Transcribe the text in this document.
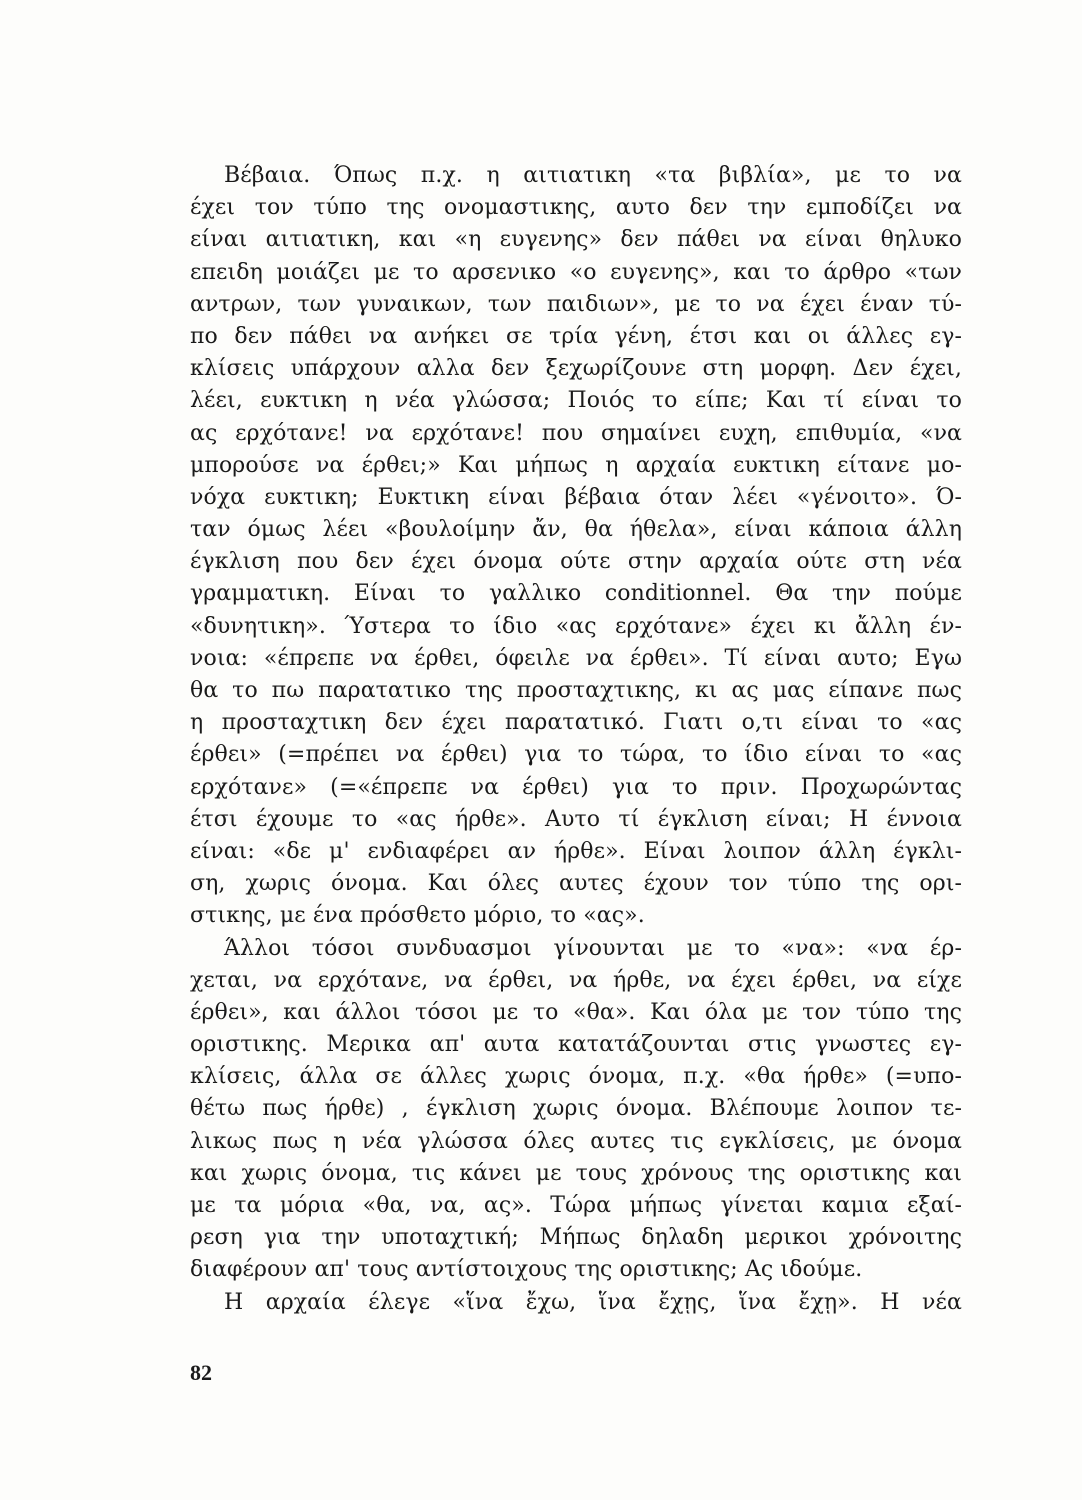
Βέβαια. Όπως π.χ. η αιτιατικη «τα βιβλία», με το να
έχει τον τύπο της ονομαστικης, αυτο δεν την εμποδίζει να
είναι αιτιατικη, και «η ευγενης» δεν πάθει να είναι θηλυκο
επειδη μοιάζει με το αρσενικο «ο ευγενης», και το άρθρο «των
αντρων, των γυναικων, των παιδιων», με το να έχει έναν τύ-
πο δεν πάθει να ανήκει σε τρία γένη, έτσι και οι άλλες εγ-
κλίσεις υπάρχουν αλλα δεν ξεχωρίζουνε στη μορφη. Δεν έχει,
λέει, ευκτικη η νέα γλώσσα; Ποιός το είπε; Και τί είναι το
ας ερχότανε! να ερχότανε! που σημαίνει ευχη, επιθυμία, «να
μπορούσε να έρθει;» Και μήπως η αρχαία ευκτικη είτανε μο-
νόχα ευκτικη; Ευκτικη είναι βέβαια όταν λέει «γένοιτο». Ό-
ταν όμως λέει «βουλοίμην ἄν, θα ήθελα», είναι κάποια άλλη
έγκλιση που δεν έχει όνομα ούτε στην αρχαία ούτε στη νέα
γραμματικη. Είναι το γαλλικο conditionnel. Θα την πούμε
«δυνητικη». Ύστερα το ίδιο «ας ερχότανε» έχει κι ἄλλη έν-
νοια: «έπρεπε να έρθει, όφειλε να έρθει». Τί είναι αυτο; Εγω
θα το πω παρατατικο της προσταχτικης, κι ας μας είπανε πως
η προσταχτικη δεν έχει παρατατικό. Γιατι ο,τι είναι το «ας
έρθει» (=πρέπει να έρθει) για το τώρα, το ίδιο είναι το «ας
ερχότανε» (=«έπρεπε να έρθει) για το πριν. Προχωρώντας
έτσι έχουμε το «ας ήρθε». Αυτο τί έγκλιση είναι; Η έννοια
είναι: «δε μ' ενδιαφέρει αν ήρθε». Είναι λοιπον άλλη έγκλι-
ση, χωρις όνομα. Και όλες αυτες έχουν τον τύπο της ορι-
στικης, με ένα πρόσθετο μόριο, το «ας».
Άλλοι τόσοι συνδυασμοι γίνουνται με το «να»: «να έρ-
χεται, να ερχότανε, να έρθει, να ήρθε, να έχει έρθει, να είχε
έρθει», και άλλοι τόσοι με το «θα». Και όλα με τον τύπο της
οριστικης. Μερικα απ' αυτα κατατάζουνται στις γνωστες εγ-
κλίσεις, άλλα σε άλλες χωρις όνομα, π.χ. «θα ήρθε» (=υπο-
θέτω πως ήρθε) , έγκλιση χωρις όνομα. Βλέπουμε λοιπον τε-
λικως πως η νέα γλώσσα όλες αυτες τις εγκλίσεις, με όνομα
και χωρις όνομα, τις κάνει με τους χρόνους της οριστικης και
με τα μόρια «θα, να, ας». Τώρα μήπως γίνεται καμια εξαί-
ρεση για την υποταχτική; Μήπως δηλαδη μερικοι χρόνοιτης
διαφέρουν απ' τους αντίστοιχους της οριστικης; Ας ιδούμε.
Η αρχαία έλεγε «ἵνα ἔχω, ἵνα ἔχῃς, ἵνα ἔχῃ». Η νέα
82
